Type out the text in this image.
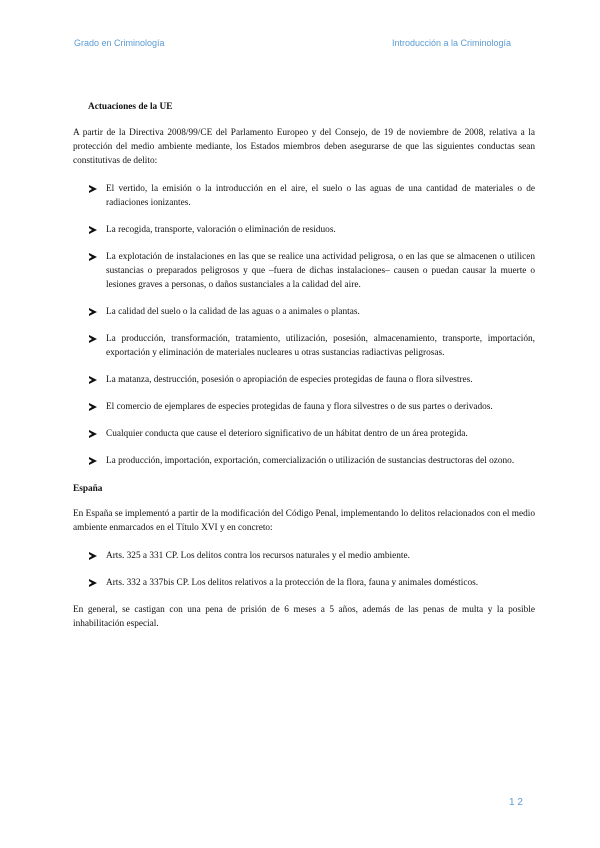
Grado en Criminología	Introducción a la Criminología
Actuaciones de la UE

A partir de la Directiva 2008/99/CE del Parlamento Europeo y del Consejo, de 19 de noviembre de 2008, relativa a la protección del medio ambiente mediante, los Estados miembros deben asegurarse de que las siguientes conductas sean constitutivas de delito:

El vertido, la emisión o la introducción en el aire, el suelo o las aguas de una cantidad de materiales o de radiaciones ionizantes.
La recogida, transporte, valoración o eliminación de residuos.
La explotación de instalaciones en las que se realice una actividad peligrosa, o en las que se almacenen o utilicen sustancias o preparados peligrosos y que –fuera de dichas instalaciones– causen o puedan causar la muerte o lesiones graves a personas, o daños sustanciales a la calidad del aire.
La calidad del suelo o la calidad de las aguas o a animales o plantas.
La producción, transformación, tratamiento, utilización, posesión, almacenamiento, transporte, importación, exportación y eliminación de materiales nucleares u otras sustancias radiactivas peligrosas.
La matanza, destrucción, posesión o apropiación de especies protegidas de fauna o flora silvestres.
El comercio de ejemplares de especies protegidas de fauna y flora silvestres o de sus partes o derivados.
Cualquier conducta que cause el deterioro significativo de un hábitat dentro de un área protegida.
La producción, importación, exportación, comercialización o utilización de sustancias destructoras del ozono.
España

En España se implementó a partir de la modificación del Código Penal, implementando lo delitos relacionados con el medio ambiente enmarcados en el Título XVI y en concreto:

Arts. 325 a 331 CP. Los delitos contra los recursos naturales y el medio ambiente.
Arts. 332 a 337bis CP. Los delitos relativos a la protección de la flora, fauna y animales domésticos.

En general, se castigan con una pena de prisión de 6 meses a 5 años, además de las penas de multa y la posible inhabilitación especial.

1 2
